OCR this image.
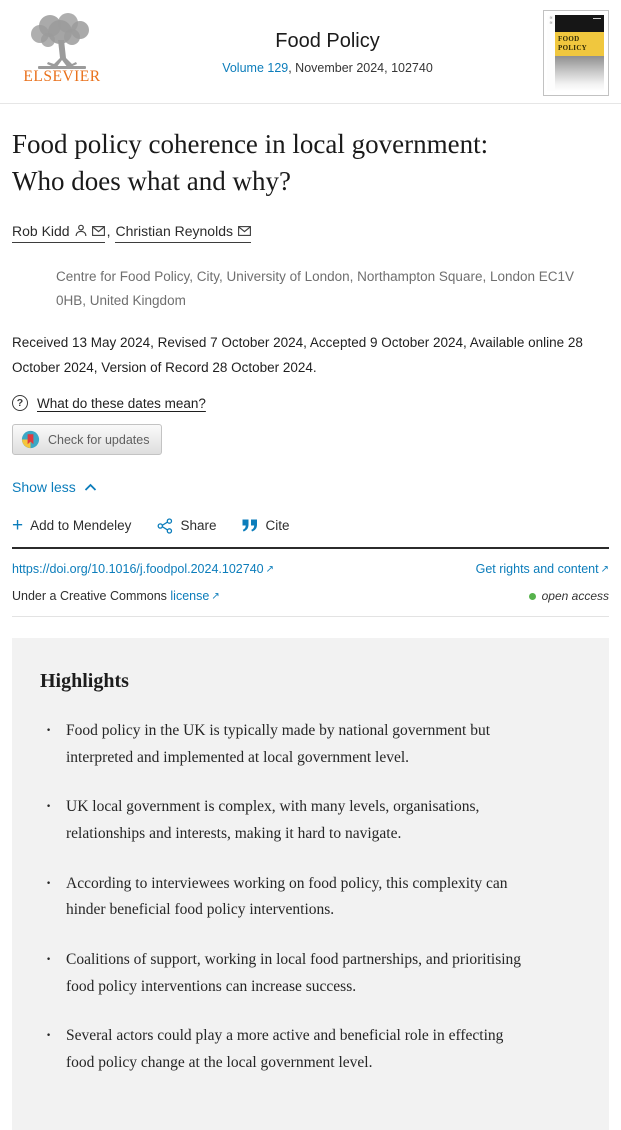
ELSEVIER
Food Policy
Volume 129, November 2024, 102740
≋
≋
FOOD
POLICY
Food policy coherence in local government:
Who does what and why?
Rob Kidd	, Christian Reynolds
Centre for Food Policy, City, University of London, Northampton Square, London EC1V 0HB, United Kingdom
Received 13 May 2024, Revised 7 October 2024, Accepted 9 October 2024, Available online 28 October 2024, Version of Record 28 October 2024.
?	What do these dates mean?
Check for updates
Show less
+ Add to Mendeley	Share	Cite
https://doi.org/10.1016/j.foodpol.2024.102740 ↗	Get rights and content ↗
Under a Creative Commons license ↗	open access
Highlights
· Food policy in the UK is typically made by national government but interpreted and implemented at local government level.
· UK local government is complex, with many levels, organisations, relationships and interests, making it hard to navigate.
· According to interviewees working on food policy, this complexity can hinder beneficial food policy interventions.
· Coalitions of support, working in local food partnerships, and prioritising food policy interventions can increase success.
· Several actors could play a more active and beneficial role in effecting food policy change at the local government level.
